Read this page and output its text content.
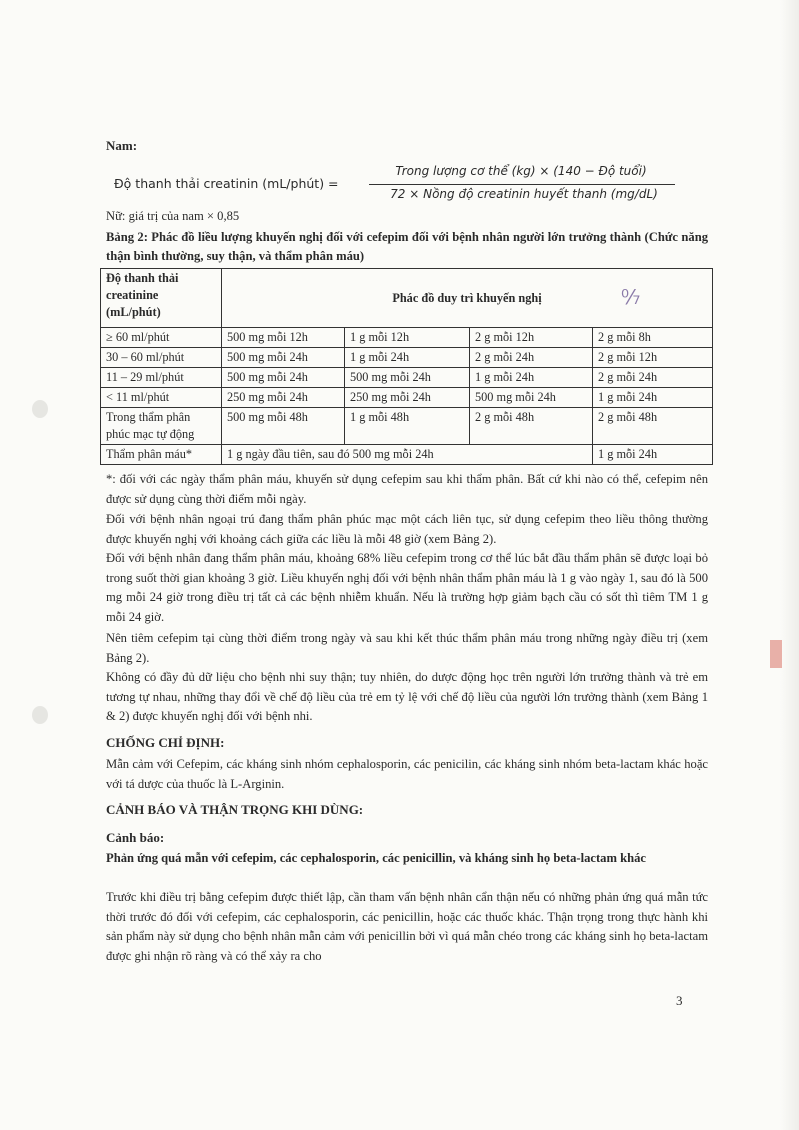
Nam:
Độ thanh thải creatinin (mL/phút) =
Trong lượng cơ thể (kg) × (140 − Độ tuổi)
72 × Nồng độ creatinin huyết thanh (mg/dL)
Nữ: giá trị của nam × 0,85
Bảng 2: Phác đồ liều lượng khuyến nghị đối với cefepim đối với bệnh nhân người lớn trưởng thành (Chức năng thận bình thường, suy thận, và thẩm phân máu)
⁰⁄₇
Độ thanh thải creatinine (mL/phút)	Phác đồ duy trì khuyến nghị			
≥ 60 ml/phút	500 mg mỗi 12h	1 g mỗi 12h	2 g mỗi 12h	2 g mỗi 8h
30 – 60 ml/phút	500 mg mỗi 24h	1 g mỗi 24h	2 g mỗi 24h	2 g mỗi 12h
11 – 29 ml/phút	500 mg mỗi 24h	500 mg mỗi 24h	1 g mỗi 24h	2 g mỗi 24h
< 11 ml/phút	250 mg mỗi 24h	250 mg mỗi 24h	500 mg mỗi 24h	1 g mỗi 24h
Trong thẩm phân phúc mạc tự động	500 mg mỗi 48h	1 g mỗi 48h	2 g mỗi 48h	2 g mỗi 48h
Thẩm phân máu*	1 g ngày đầu tiên, sau đó 500 mg mỗi 24h			1 g mỗi 24h
*: đối với các ngày thẩm phân máu, khuyến sử dụng cefepim sau khi thẩm phân. Bất cứ khi nào có thể, cefepim nên được sử dụng cùng thời điểm mỗi ngày.
Đối với bệnh nhân ngoại trú đang thẩm phân phúc mạc một cách liên tục, sử dụng cefepim theo liều thông thường được khuyến nghị với khoảng cách giữa các liều là mỗi 48 giờ (xem Bảng 2).
Đối với bệnh nhân đang thẩm phân máu, khoảng 68% liều cefepim trong cơ thể lúc bắt đầu thẩm phân sẽ được loại bỏ trong suốt thời gian khoảng 3 giờ. Liều khuyến nghị đối với bệnh nhân thẩm phân máu là 1 g vào ngày 1, sau đó là 500 mg mỗi 24 giờ trong điều trị tất cả các bệnh nhiễm khuẩn. Nếu là trường hợp giảm bạch cầu có sốt thì tiêm TM 1 g mỗi 24 giờ.
Nên tiêm cefepim tại cùng thời điểm trong ngày và sau khi kết thúc thẩm phân máu trong những ngày điều trị (xem Bảng 2).
Không có đầy đủ dữ liệu cho bệnh nhi suy thận; tuy nhiên, do dược động học trên người lớn trưởng thành và trẻ em tương tự nhau, những thay đổi về chế độ liều của trẻ em tỷ lệ với chế độ liều của người lớn trưởng thành (xem Bảng 1 & 2) được khuyến nghị đối với bệnh nhi.
CHỐNG CHỈ ĐỊNH:
Mẫn cảm với Cefepim, các kháng sinh nhóm cephalosporin, các penicilin, các kháng sinh nhóm beta-lactam khác hoặc với tá dược của thuốc là L-Arginin.
CẢNH BÁO VÀ THẬN TRỌNG KHI DÙNG:
Cảnh báo:
Phản ứng quá mẫn với cefepim, các cephalosporin, các penicillin, và kháng sinh họ beta-lactam khác
Trước khi điều trị bằng cefepim được thiết lập, cần tham vấn bệnh nhân cẩn thận nếu có những phản ứng quá mẫn tức thời trước đó đối với cefepim, các cephalosporin, các penicillin, hoặc các thuốc khác. Thận trọng trong thực hành khi sản phẩm này sử dụng cho bệnh nhân mẫn cảm với penicillin bởi vì quá mẫn chéo trong các kháng sinh họ beta-lactam được ghi nhận rõ ràng và có thể xảy ra cho
3
